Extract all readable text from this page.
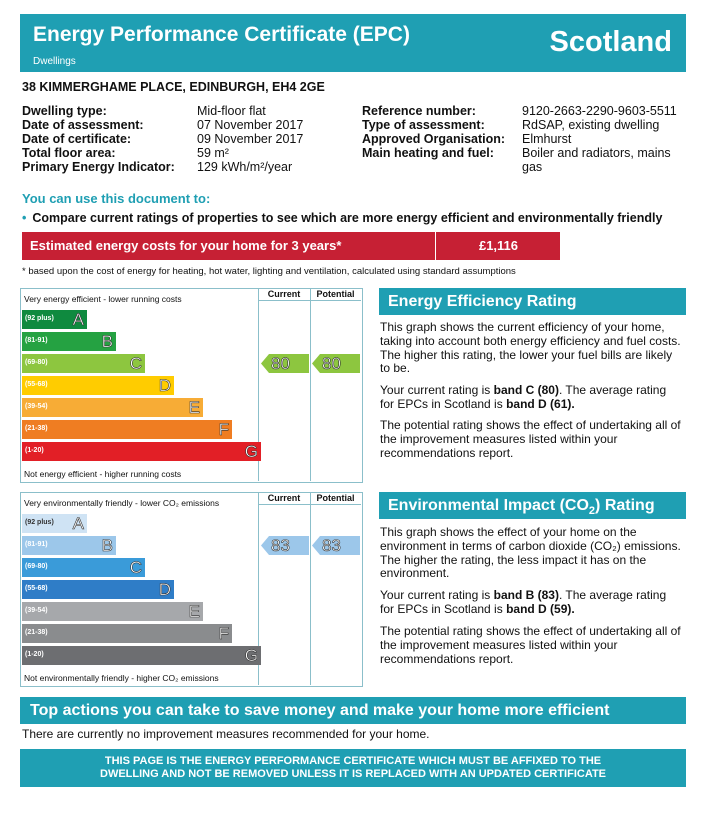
Energy Performance Certificate (EPC)
Dwellings
Scotland
38 KIMMERGHAME PLACE, EDINBURGH, EH4 2GE
Dwelling type:	Mid-floor flat
Date of assessment:	07 November 2017
Date of certificate:	09 November 2017
Total floor area:	59 m²
Primary Energy Indicator:	129 kWh/m²/year
Reference number:	9120-2663-2290-9603-5511
Type of assessment:	RdSAP, existing dwelling
Approved Organisation:	Elmhurst
Main heating and fuel:	Boiler and radiators, mains gas
You can use this document to:
• Compare current ratings of properties to see which are more energy efficient and environmentally friendly
Estimated energy costs for your home for 3 years*	£1,116
* based upon the cost of energy for heating, hot water, lighting and ventilation, calculated using standard assumptions
Current	Potential
Very energy efficient - lower running costs
Not energy efficient - higher running costs
(92 plus) A
(81-91)	B
(69-80)	C
(55-68)	D
(39-54)	E
(21-38)	F
(1-20)	G
80 80
Current	Potential
Very environmentally friendly - lower CO₂ emissions
Not environmentally friendly - higher CO₂ emissions
(92 plus) A
(81-91)	B
(69-80)	C
(55-68)	D
(39-54)	E
(21-38)	F
(1-20)	G
83 83
Energy Efficiency Rating
This graph shows the current efficiency of your home, taking into account both energy efficiency and fuel costs. The higher this rating, the lower your fuel bills are likely to be.
Your current rating is band C (80). The average rating for EPCs in Scotland is band D (61).
The potential rating shows the effect of undertaking all of the improvement measures listed within your recommendations report.
Environmental Impact $(CO_2)$ Rating
This graph shows the effect of your home on the environment in terms of carbon dioxide (CO₂) emissions. The higher the rating, the less impact it has on the environment.
Your current rating is band B (83). The average rating for EPCs in Scotland is band D (59).
The potential rating shows the effect of undertaking all of the improvement measures listed within your recommendations report.
Top actions you can take to save money and make your home more efficient
There are currently no improvement measures recommended for your home.
THIS PAGE IS THE ENERGY PERFORMANCE CERTIFICATE WHICH MUST BE AFFIXED TO THE
DWELLING AND NOT BE REMOVED UNLESS IT IS REPLACED WITH AN UPDATED CERTIFICATE
